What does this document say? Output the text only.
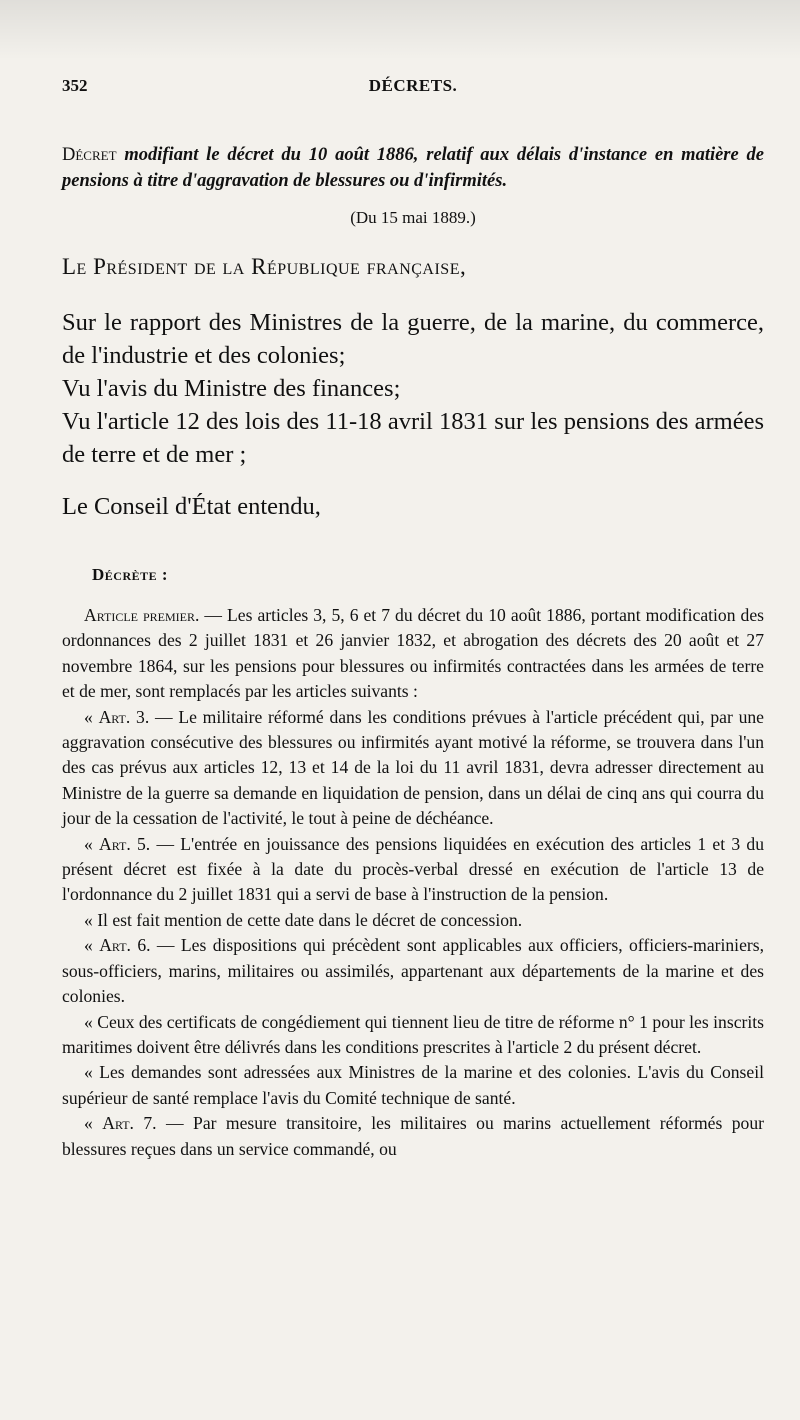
352	DÉCRETS.
Décret modifiant le décret du 10 août 1886, relatif aux délais d'instance en matière de pensions à titre d'aggravation de blessures ou d'infirmités.
(Du 15 mai 1889.)
Le Président de la République française,

Sur le rapport des Ministres de la guerre, de la marine, du commerce, de l'industrie et des colonies;

Vu l'avis du Ministre des finances;

Vu l'article 12 des lois des 11-18 avril 1831 sur les pensions des armées de terre et de mer ;

Le Conseil d'État entendu,
Décrète :

Article premier. — Les articles 3, 5, 6 et 7 du décret du 10 août 1886, portant modification des ordonnances des 2 juillet 1831 et 26 janvier 1832, et abrogation des décrets des 20 août et 27 novembre 1864, sur les pensions pour blessures ou infirmités contractées dans les armées de terre et de mer, sont remplacés par les articles suivants :

« Art. 3. — Le militaire réformé dans les conditions prévues à l'article précédent qui, par une aggravation consécutive des blessures ou infirmités ayant motivé la réforme, se trouvera dans l'un des cas prévus aux articles 12, 13 et 14 de la loi du 11 avril 1831, devra adresser directement au Ministre de la guerre sa demande en liquidation de pension, dans un délai de cinq ans qui courra du jour de la cessation de l'activité, le tout à peine de déchéance.

« Art. 5. — L'entrée en jouissance des pensions liquidées en exécution des articles 1 et 3 du présent décret est fixée à la date du procès-verbal dressé en exécution de l'article 13 de l'ordonnance du 2 juillet 1831 qui a servi de base à l'instruction de la pension.

« Il est fait mention de cette date dans le décret de concession.

« Art. 6. — Les dispositions qui précèdent sont applicables aux officiers, officiers-mariniers, sous-officiers, marins, militaires ou assimilés, appartenant aux départements de la marine et des colonies.

« Ceux des certificats de congédiement qui tiennent lieu de titre de réforme n° 1 pour les inscrits maritimes doivent être délivrés dans les conditions prescrites à l'article 2 du présent décret.

« Les demandes sont adressées aux Ministres de la marine et des colonies. L'avis du Conseil supérieur de santé remplace l'avis du Comité technique de santé.

« Art. 7. — Par mesure transitoire, les militaires ou marins actuellement réformés pour blessures reçues dans un service commandé, ou
